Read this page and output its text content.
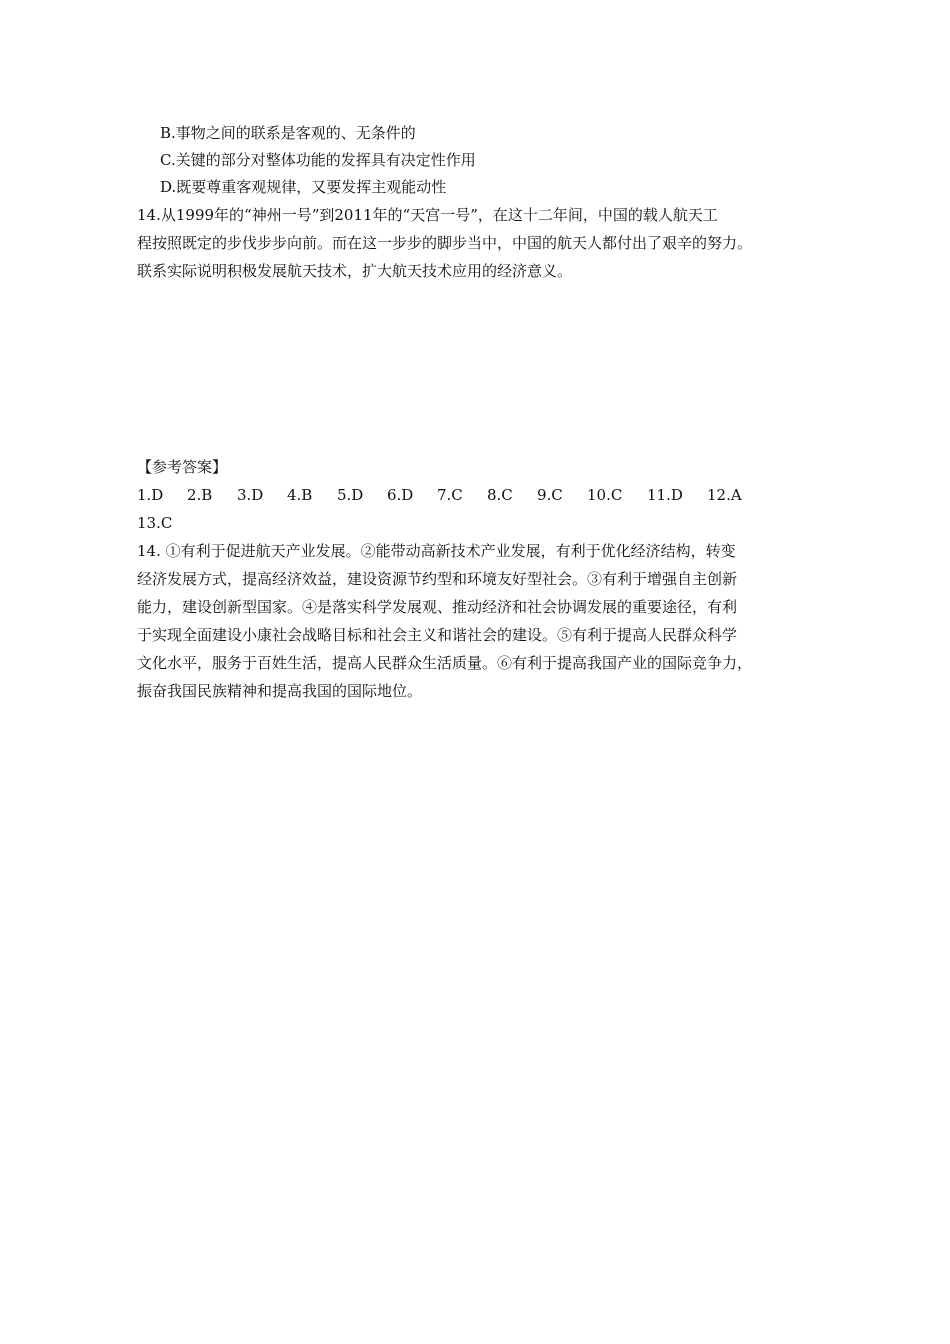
B.事物之间的联系是客观的、无条件的
C.关键的部分对整体功能的发挥具有决定性作用
D.既要尊重客观规律，又要发挥主观能动性
14.从1999年的“神州一号”到2011年的“天宫一号”，在这十二年间，中国的载人航天工
程按照既定的步伐步步向前。而在这一步步的脚步当中，中国的航天人都付出了艰辛的努力。
联系实际说明积极发展航天技术，扩大航天技术应用的经济意义。
【参考答案】
1.D 2.B 3.D 4.B 5.D 6.D 7.C 8.C 9.C 10.C 11.D 12.A
13.C
14. ①有利于促进航天产业发展。②能带动高新技术产业发展，有利于优化经济结构，转变
经济发展方式，提高经济效益，建设资源节约型和环境友好型社会。③有利于增强自主创新
能力，建设创新型国家。④是落实科学发展观、推动经济和社会协调发展的重要途径，有利
于实现全面建设小康社会战略目标和社会主义和谐社会的建设。⑤有利于提高人民群众科学
文化水平，服务于百姓生活，提高人民群众生活质量。⑥有利于提高我国产业的国际竞争力，
振奋我国民族精神和提高我国的国际地位。
